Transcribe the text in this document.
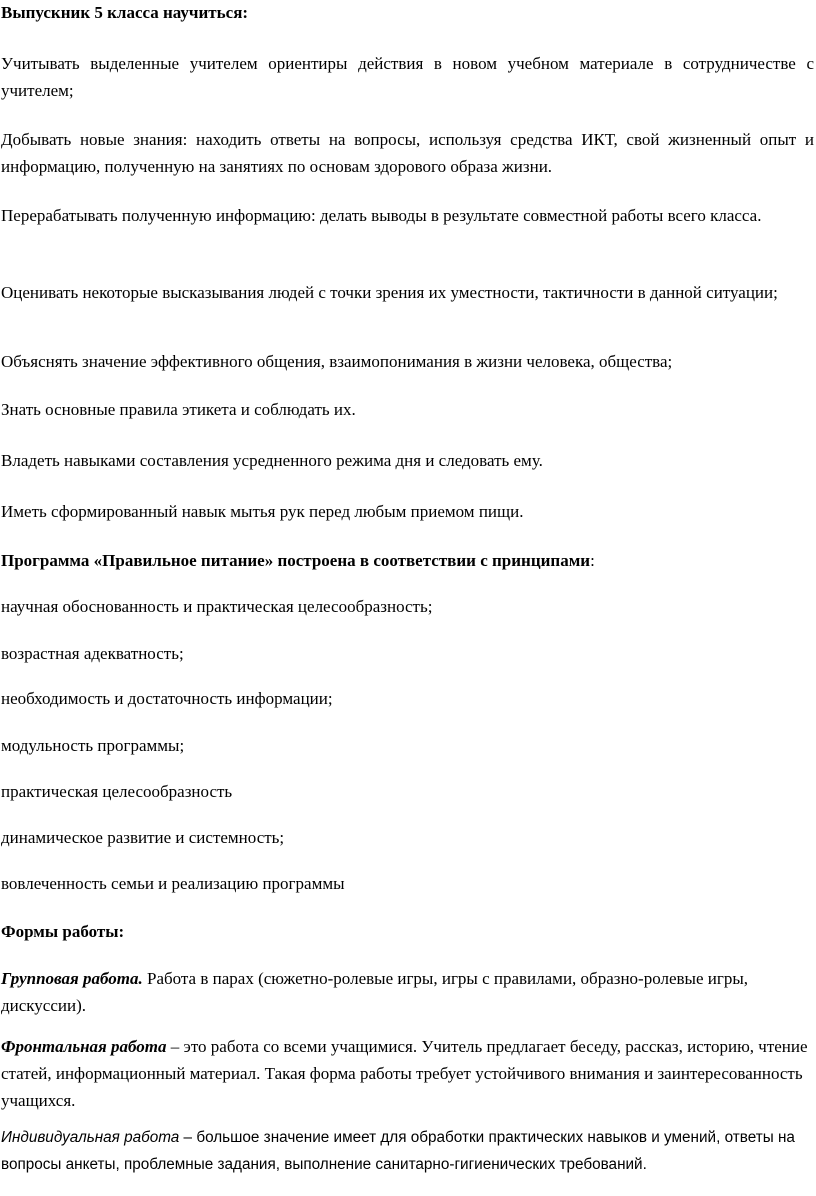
Выпускник 5 класса научиться:

Учитывать выделенные учителем ориентиры действия в новом учебном материале в сотрудничестве с учителем;

Добывать новые знания: находить ответы на вопросы, используя средства ИКТ, свой жизненный опыт и информацию, полученную на занятиях по основам здорового образа жизни.

Перерабатывать полученную информацию: делать выводы в результате совместной работы всего класса.

Оценивать некоторые высказывания людей с точки зрения их уместности, тактичности в данной ситуации;

Объяснять значение эффективного общения, взаимопонимания в жизни человека, общества;

Знать основные правила этикета и соблюдать их.

Владеть навыками составления усредненного режима дня и следовать ему.

Иметь сформированный навык мытья рук перед любым приемом пищи.

Программа «Правильное питание» построена в соответствии с принципами:

научная обоснованность и практическая целесообразность;

возрастная адекватность;

необходимость и достаточность информации;

модульность программы;

практическая целесообразность

динамическое развитие и системность;

вовлеченность семьи и реализацию программы

Формы работы:

Групповая работа. Работа в парах (сюжетно-ролевые игры, игры с правилами, образно-ролевые игры, дискуссии).

Фронтальная работа – это работа со всеми учащимися. Учитель предлагает беседу, рассказ, историю, чтение статей, информационный материал. Такая форма работы требует устойчивого внимания и заинтересованность учащихся.

Индивидуальная работа – большое значение имеет для обработки практических навыков и умений, ответы на вопросы анкеты, проблемные задания, выполнение санитарно-гигиенических требований.
